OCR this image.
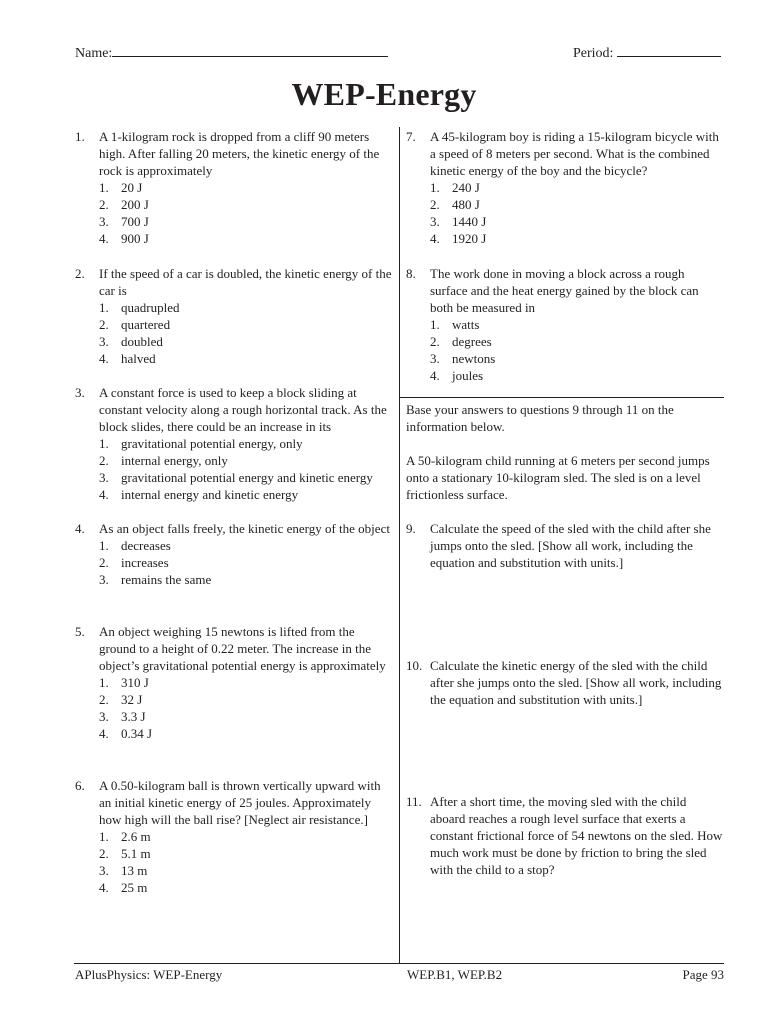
Name:	Period:
WEP-Energy
1. A 1-kilogram rock is dropped from a cliff 90 meters high. After falling 20 meters, the kinetic energy of the rock is approximately
1. 20 J
2. 200 J
3. 700 J
4. 900 J
2. If the speed of a car is doubled, the kinetic energy of the car is
1. quadrupled
2. quartered
3. doubled
4. halved
3. A constant force is used to keep a block sliding at constant velocity along a rough horizontal track. As the block slides, there could be an increase in its
1. gravitational potential energy, only
2. internal energy, only
3. gravitational potential energy and kinetic energy
4. internal energy and kinetic energy
4. As an object falls freely, the kinetic energy of the object
1. decreases
2. increases
3. remains the same
5. An object weighing 15 newtons is lifted from the ground to a height of 0.22 meter. The increase in the object’s gravitational potential energy is approximately
1. 310 J
2. 32 J
3. 3.3 J
4. 0.34 J
6. A 0.50-kilogram ball is thrown vertically upward with an initial kinetic energy of 25 joules. Approximately how high will the ball rise? [Neglect air resistance.]
1. 2.6 m
2. 5.1 m
3. 13 m
4. 25 m
7. A 45-kilogram boy is riding a 15-kilogram bicycle with a speed of 8 meters per second. What is the combined kinetic energy of the boy and the bicycle?
1. 240 J
2. 480 J
3. 1440 J
4. 1920 J
8. The work done in moving a block across a rough surface and the heat energy gained by the block can both be measured in
1. watts
2. degrees
3. newtons
4. joules
Base your answers to questions 9 through 11 on the information below.
A 50-kilogram child running at 6 meters per second jumps onto a stationary 10-kilogram sled. The sled is on a level frictionless surface.
9. Calculate the speed of the sled with the child after she jumps onto the sled. [Show all work, including the equation and substitution with units.]
10. Calculate the kinetic energy of the sled with the child after she jumps onto the sled. [Show all work, including the equation and substitution with units.]
11. After a short time, the moving sled with the child aboard reaches a rough level surface that exerts a constant frictional force of 54 newtons on the sled. How much work must be done by friction to bring the sled with the child to a stop?
APlusPhysics: WEP-Energy	WEP.B1, WEP.B2	Page 93
